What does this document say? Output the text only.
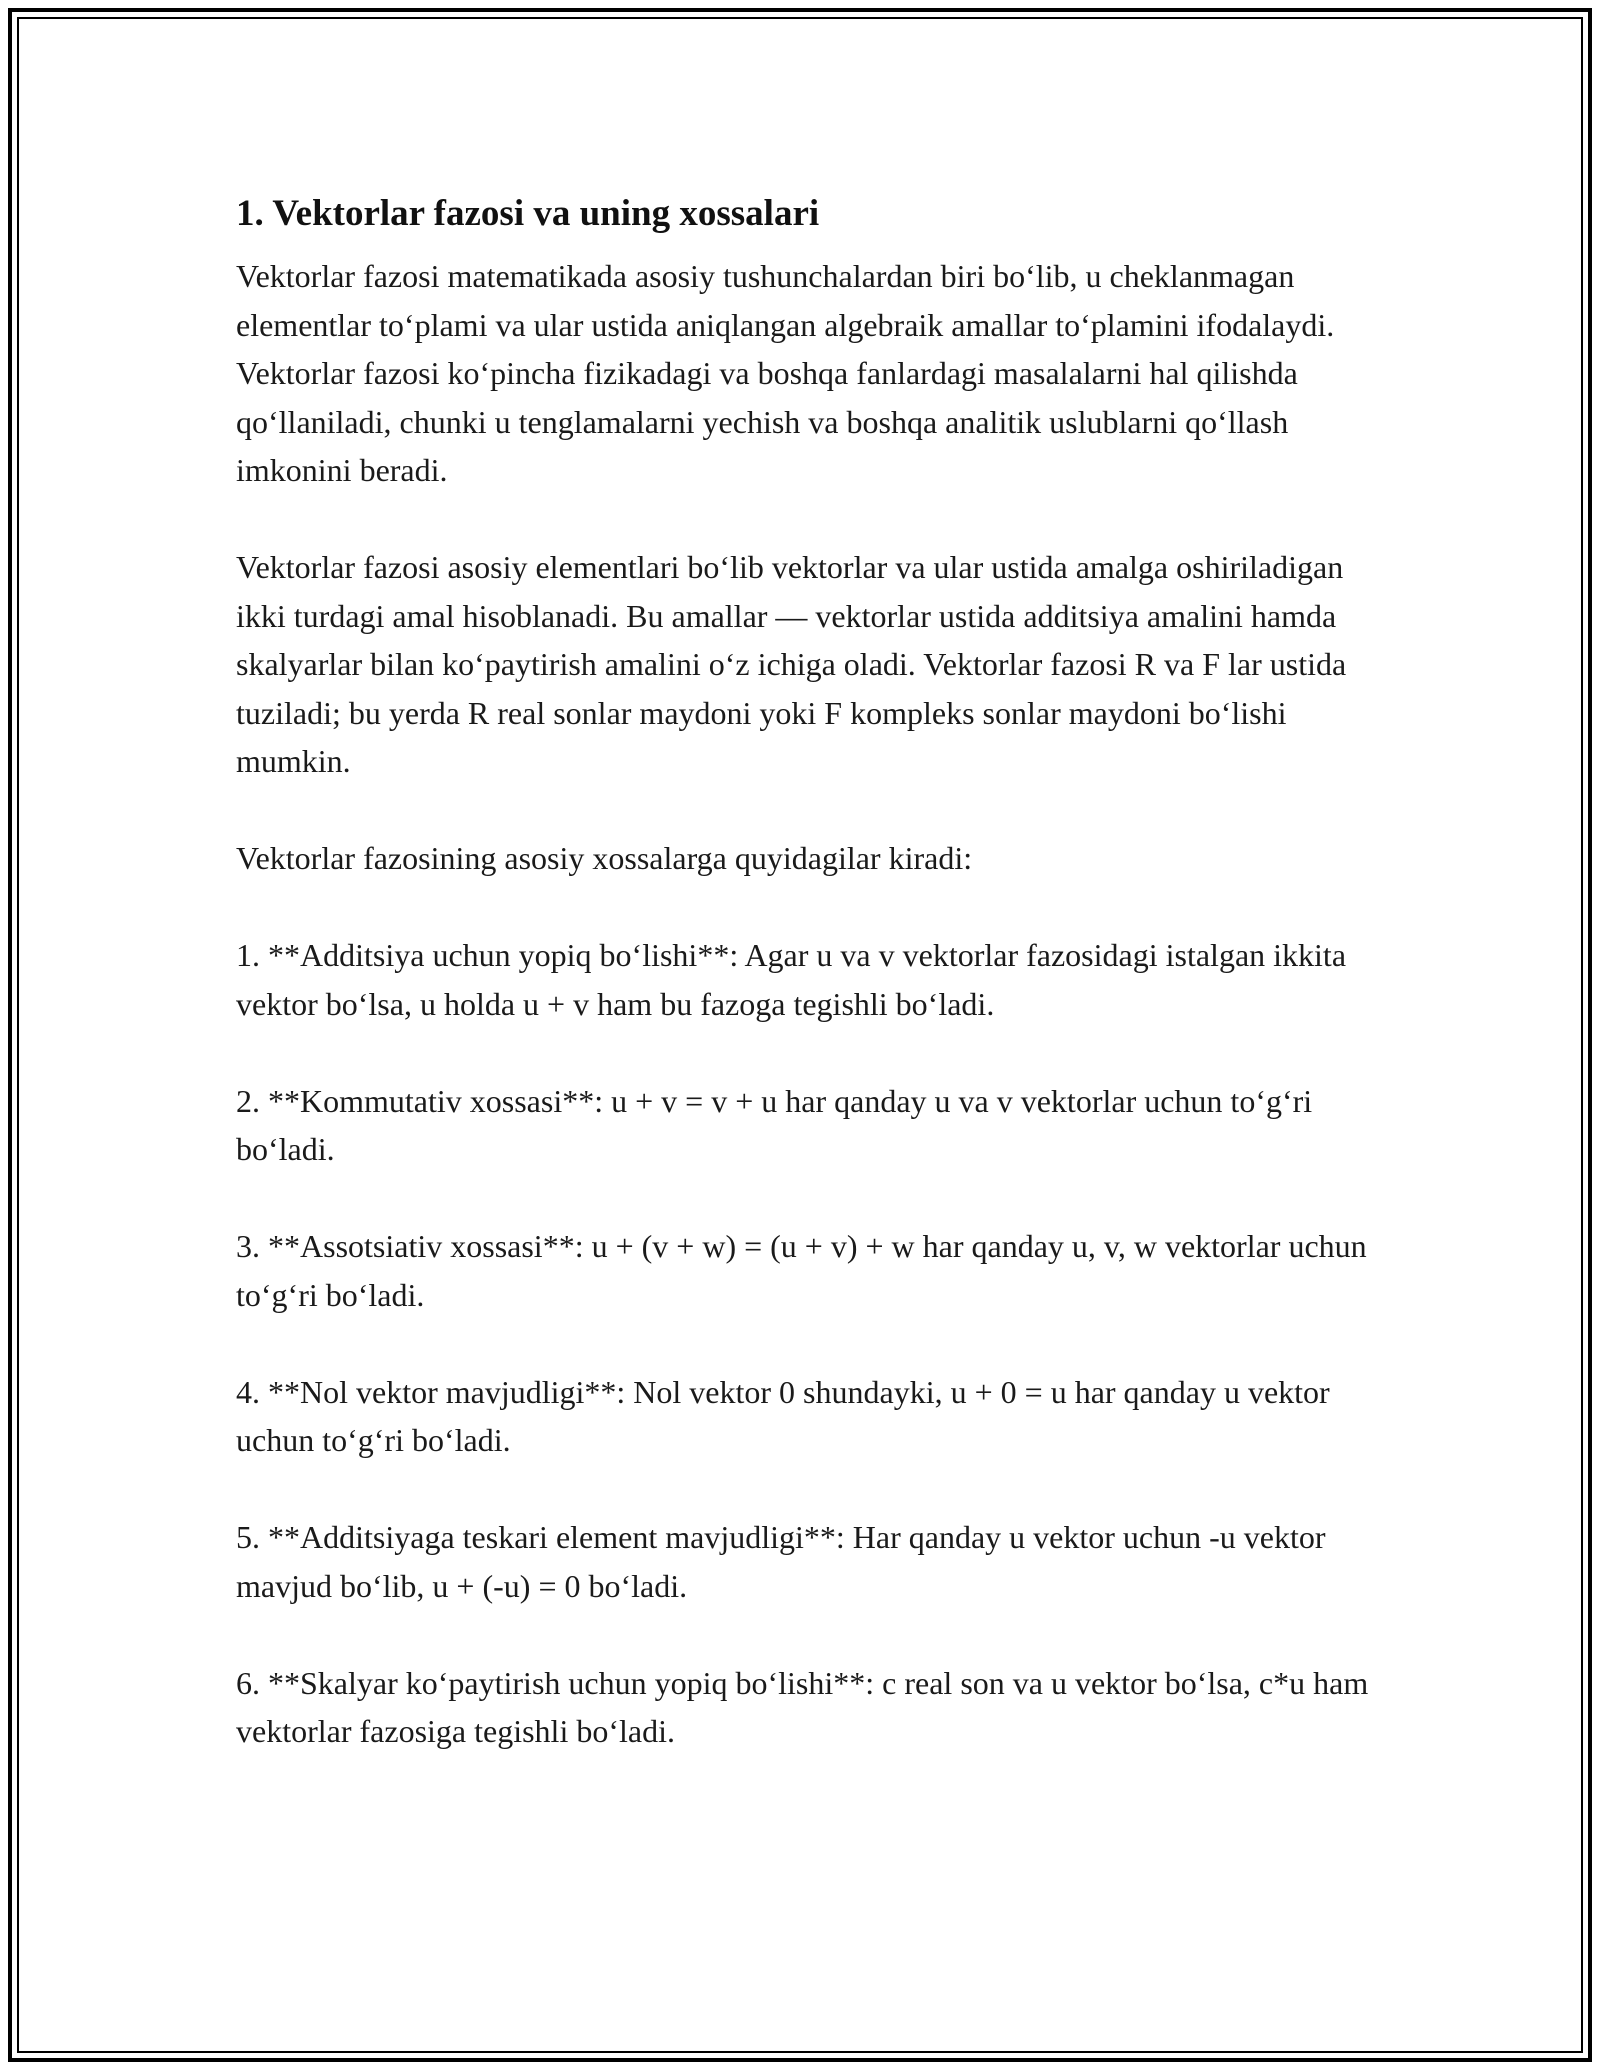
1. Vektorlar fazosi va uning xossalari

Vektorlar fazosi matematikada asosiy tushunchalardan biri bo‘lib, u cheklanmagan elementlar to‘plami va ular ustida aniqlangan algebraik amallar to‘plamini ifodalaydi. Vektorlar fazosi ko‘pincha fizikadagi va boshqa fanlardagi masalalarni hal qilishda qo‘llaniladi, chunki u tenglamalarni yechish va boshqa analitik uslublarni qo‘llash imkonini beradi.

Vektorlar fazosi asosiy elementlari bo‘lib vektorlar va ular ustida amalga oshiriladigan ikki turdagi amal hisoblanadi. Bu amallar — vektorlar ustida additsiya amalini hamda skalyarlar bilan ko‘paytirish amalini o‘z ichiga oladi. Vektorlar fazosi R va F lar ustida tuziladi; bu yerda R real sonlar maydoni yoki F kompleks sonlar maydoni bo‘lishi mumkin.

Vektorlar fazosining asosiy xossalarga quyidagilar kiradi:

1. **Additsiya uchun yopiq bo‘lishi**: Agar u va v vektorlar fazosidagi istalgan ikkita vektor bo‘lsa, u holda u + v ham bu fazoga tegishli bo‘ladi.

2. **Kommutativ xossasi**: u + v = v + u har qanday u va v vektorlar uchun to‘g‘ri bo‘ladi.

3. **Assotsiativ xossasi**: u + (v + w) = (u + v) + w har qanday u, v, w vektorlar uchun to‘g‘ri bo‘ladi.

4. **Nol vektor mavjudligi**: Nol vektor 0 shundayki, u + 0 = u har qanday u vektor uchun to‘g‘ri bo‘ladi.

5. **Additsiyaga teskari element mavjudligi**: Har qanday u vektor uchun -u vektor mavjud bo‘lib, u + (-u) = 0 bo‘ladi.

6. **Skalyar ko‘paytirish uchun yopiq bo‘lishi**: c real son va u vektor bo‘lsa, c*u ham vektorlar fazosiga tegishli bo‘ladi.
